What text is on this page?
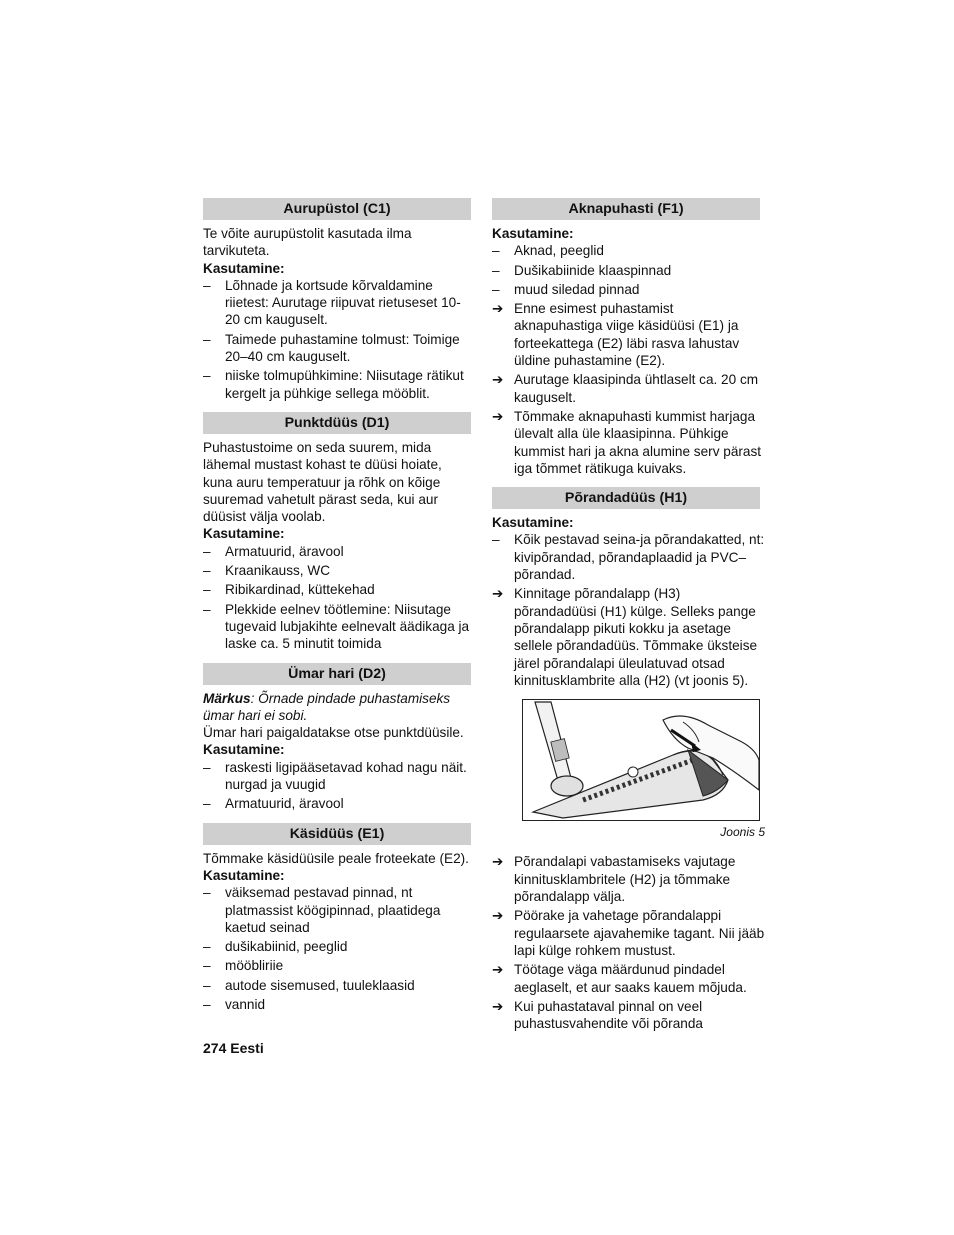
Aurupüstol (C1)

Te võite aurupüstolit kasutada ilma tarvikuteta.

Kasutamine:

–	Lõhnade ja kortsude kõrvaldamine riietest: Aurutage riipuvat rietuseset 10-20 cm kauguselt.
–	Taimede puhastamine tolmust: Toimige 20–40 cm kauguselt.
–	niiske tolmupühkimine: Niisutage rätikut kergelt ja pühkige sellega mööblit.
Punktdüüs (D1)

Puhastustoime on seda suurem, mida lähemal mustast kohast te düüsi hoiate, kuna auru temperatuur ja rõhk on kõige suuremad vahetult pärast seda, kui aur düüsist välja voolab.

Kasutamine:

–	Armatuurid, äravool
–	Kraanikauss, WC
–	Ribikardinad, küttekehad
–	Plekkide eelnev töötlemine: Niisutage tugevaid lubjakihte eelnevalt äädikaga ja laske ca. 5 minutit toimida
Ümar hari (D2)

Märkus: Õrnade pindade puhastamiseks ümar hari ei sobi.

Ümar hari paigaldatakse otse punktdüüsile.

Kasutamine:

–	raskesti ligipääsetavad kohad nagu näit. nurgad ja vuugid
–	Armatuurid, äravool
Käsidüüs (E1)

Tõmmake käsidüüsile peale froteekate (E2).

Kasutamine:

–	väiksemad pestavad pinnad, nt platmassist köögipinnad, plaatidega kaetud seinad
–	dušikabiinid, peeglid
–	mööbliriie
–	autode sisemused, tuuleklaasid
–	vannid
Aknapuhasti (F1)

Kasutamine:

–	Aknad, peeglid
–	Dušikabiinide klaaspinnad
–	muud siledad pinnad
➔ Enne esimest puhastamist aknapuhastiga viige käsidüüsi (E1) ja forteekattega (E2) läbi rasva lahustav üldine puhastamine (E2).
➔ Aurutage klaasipinda ühtlaselt ca. 20 cm kauguselt.
➔ Tõmmake aknapuhasti kummist harjaga ülevalt alla üle klaasipinna. Pühkige kummist hari ja akna alumine serv pärast iga tõmmet rätikuga kuivaks.
Põrandadüüs (H1)

Kasutamine:

–	Kõik pestavad seina-ja põrandakatted, nt: kivipõrandad, põrandaplaadid ja PVC–põrandad.
➔ Kinnitage põrandalapp (H3) põrandadüüsi (H1) külge. Selleks pange põrandalapp pikuti kokku ja asetage sellele põrandadüüs. Tõmmake üksteise järel põrandalapi üleulatuvad otsad kinnitusklambrite alla (H2) (vt joonis 5).
Joonis 5
➔ Põrandalapi vabastamiseks vajutage kinnitusklambritele (H2) ja tõmmake põrandalapp välja.
➔ Pöörake ja vahetage põrandalappi regulaarsete ajavahemike tagant. Nii jääb lapi külge rohkem mustust.
➔ Töötage väga määrdunud pindadel aeglaselt, et aur saaks kauem mõjuda.
➔ Kui puhastataval pinnal on veel puhastusvahendite või põranda
274 Eesti
